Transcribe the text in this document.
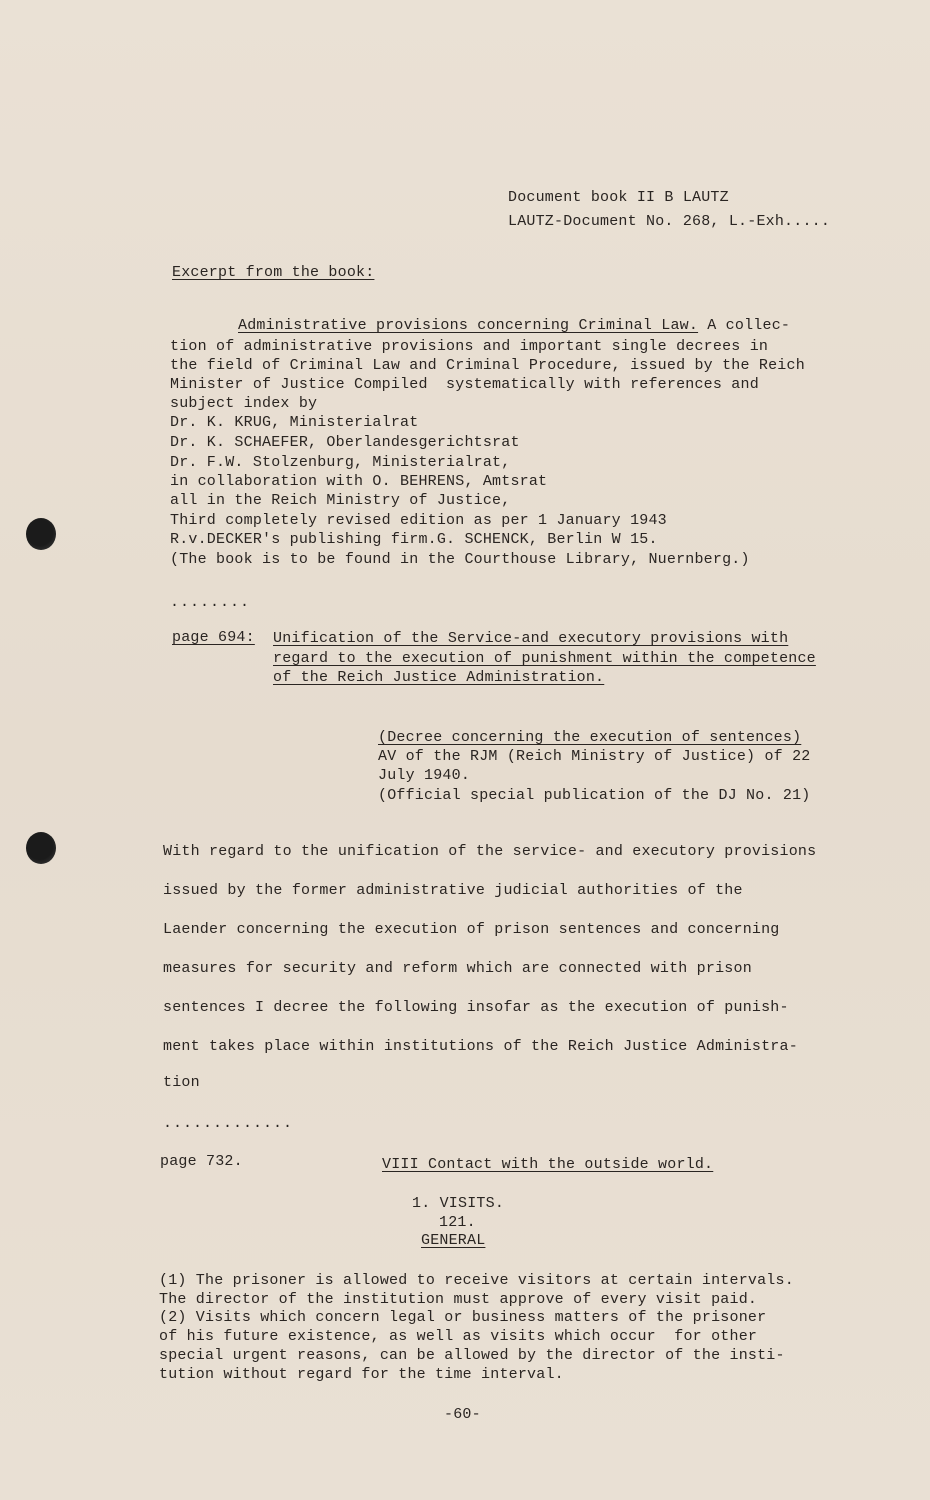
Document book II B LAUTZ
LAUTZ-Document No. 268, L.-Exh.....
Excerpt from the book:
Administrative provisions concerning Criminal Law. A collec-
tion of administrative provisions and important single decrees in
the field of Criminal Law and Criminal Procedure, issued by the Reich
Minister of Justice Compiled  systematically with references and
subject index by
Dr. K. KRUG, Ministerialrat
Dr. K. SCHAEFER, Oberlandesgerichtsrat
Dr. F.W. Stolzenburg, Ministerialrat,
in collaboration with O. BEHRENS, Amtsrat
all in the Reich Ministry of Justice,
Third completely revised edition as per 1 January 1943
R.v.DECKER's publishing firm.G. SCHENCK, Berlin W 15.
(The book is to be found in the Courthouse Library, Nuernberg.)
........
page 694: Unification of the Service-and executory provisions with
regard to the execution of punishment within the competence
of the Reich Justice Administration.
(Decree concerning the execution of sentences)
AV of the RJM (Reich Ministry of Justice) of 22
July 1940.
(Official special publication of the DJ No. 21)
With regard to the unification of the service- and executory provisions
issued by the former administrative judicial authorities of the
Laender concerning the execution of prison sentences and concerning
measures for security and reform which are connected with prison
sentences I decree the following insofar as the execution of punish-
ment takes place within institutions of the Reich Justice Administra-
tion
.............
page 732.	VIII Contact with the outside world.
1. VISITS.
121.
GENERAL
(1) The prisoner is allowed to receive visitors at certain intervals.
The director of the institution must approve of every visit paid.
(2) Visits which concern legal or business matters of the prisoner
of his future existence, as well as visits which occur  for other
special urgent reasons, can be allowed by the director of the insti-
tution without regard for the time interval.
-60-
